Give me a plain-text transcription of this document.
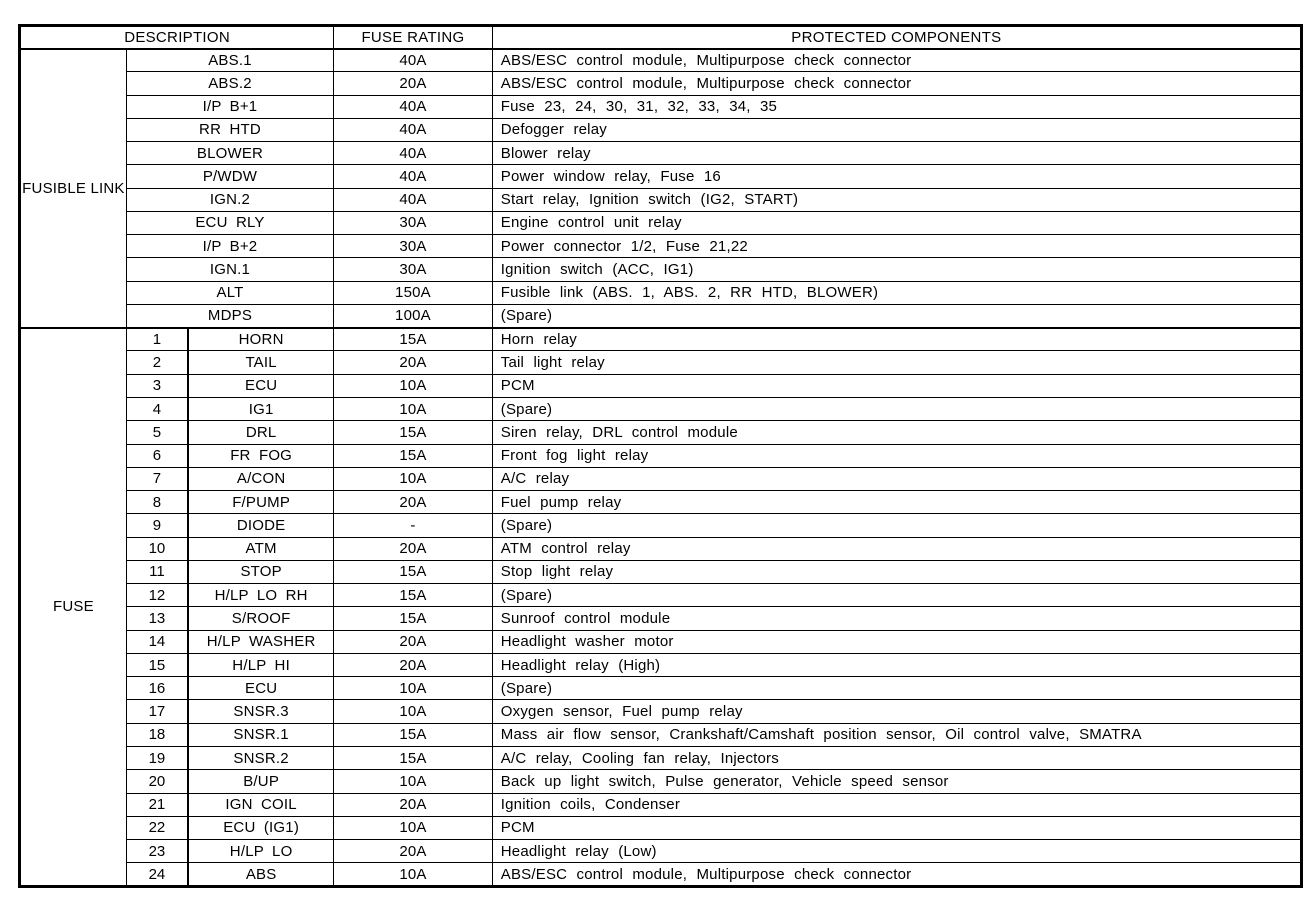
DESCRIPTION			FUSE RATING	PROTECTED COMPONENTS
FUSIBLE LINK	ABS.1		40A	ABS/ESC control module, Multipurpose check connector
	ABS.2		20A	ABS/ESC control module, Multipurpose check connector
	I/P B+1		40A	Fuse 23, 24, 30, 31, 32, 33, 34, 35
	RR HTD		40A	Defogger relay
	BLOWER		40A	Blower relay
	P/WDW		40A	Power window relay, Fuse 16
	IGN.2		40A	Start relay, Ignition switch (IG2, START)
	ECU RLY		30A	Engine control unit relay
	I/P B+2		30A	Power connector 1/2, Fuse 21,22
	IGN.1		30A	Ignition switch (ACC, IG1)
	ALT		150A	Fusible link (ABS. 1, ABS. 2, RR HTD, BLOWER)
	MDPS		100A	(Spare)
FUSE	1	HORN	15A	Horn relay
	2	TAIL	20A	Tail light relay
	3	ECU	10A	PCM
	4	IG1	10A	(Spare)
	5	DRL	15A	Siren relay, DRL control module
	6	FR FOG	15A	Front fog light relay
	7	A/CON	10A	A/C relay
	8	F/PUMP	20A	Fuel pump relay
	9	DIODE	-	(Spare)
	10	ATM	20A	ATM control relay
	11	STOP	15A	Stop light relay
	12	H/LP LO RH	15A	(Spare)
	13	S/ROOF	15A	Sunroof control module
	14	H/LP WASHER	20A	Headlight washer motor
	15	H/LP HI	20A	Headlight relay (High)
	16	ECU	10A	(Spare)
	17	SNSR.3	10A	Oxygen sensor, Fuel pump relay
	18	SNSR.1	15A	Mass air flow sensor, Crankshaft/Camshaft position sensor, Oil control valve, SMATRA
	19	SNSR.2	15A	A/C relay, Cooling fan relay, Injectors
	20	B/UP	10A	Back up light switch, Pulse generator, Vehicle speed sensor
	21	IGN COIL	20A	Ignition coils, Condenser
	22	ECU (IG1)	10A	PCM
	23	H/LP LO	20A	Headlight relay (Low)
	24	ABS	10A	ABS/ESC control module, Multipurpose check connector
